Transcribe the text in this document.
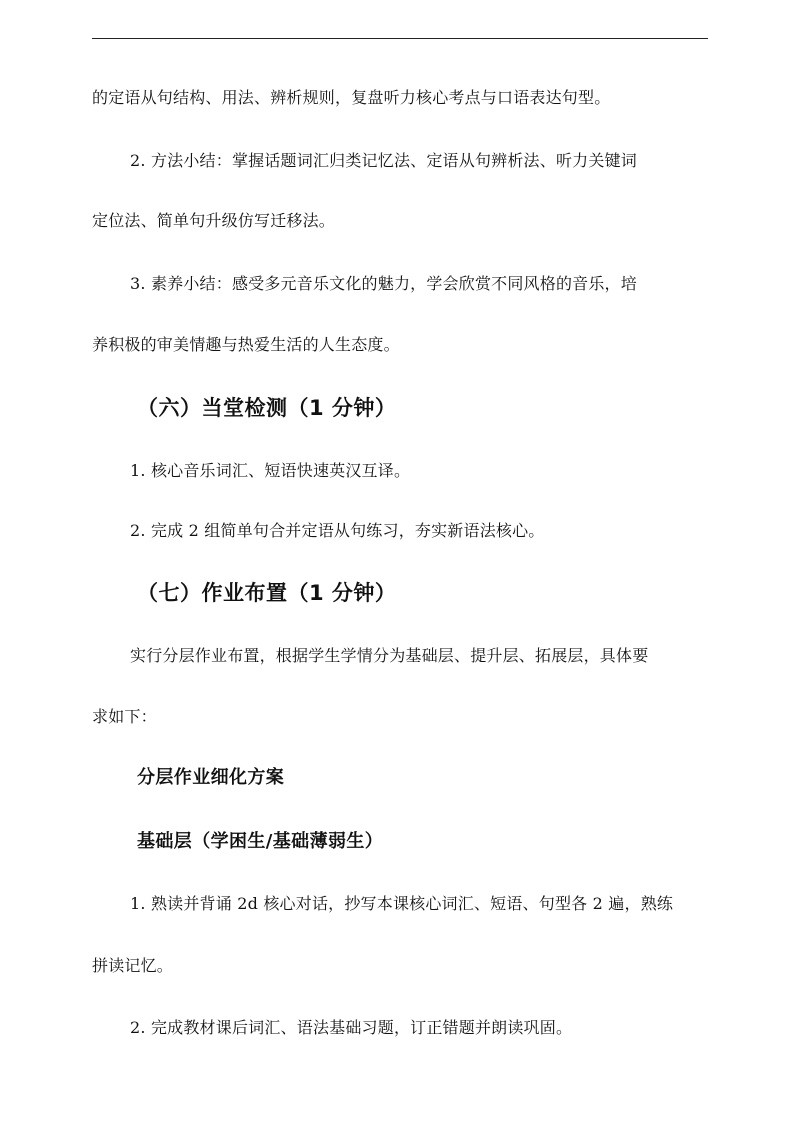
的定语从句结构、用法、辨析规则，复盘听力核心考点与口语表达句型。
2. 方法小结：掌握话题词汇归类记忆法、定语从句辨析法、听力关键词
定位法、简单句升级仿写迁移法。
3. 素养小结：感受多元音乐文化的魅力，学会欣赏不同风格的音乐，培
养积极的审美情趣与热爱生活的人生态度。
（六）当堂检测（1 分钟）
1. 核心音乐词汇、短语快速英汉互译。
2. 完成 2 组简单句合并定语从句练习，夯实新语法核心。
（七）作业布置（1 分钟）
实行分层作业布置，根据学生学情分为基础层、提升层、拓展层，具体要
求如下：
分层作业细化方案
基础层（学困生/基础薄弱生）
1. 熟读并背诵 2d 核心对话，抄写本课核心词汇、短语、句型各 2 遍，熟练
拼读记忆。
2. 完成教材课后词汇、语法基础习题，订正错题并朗读巩固。
